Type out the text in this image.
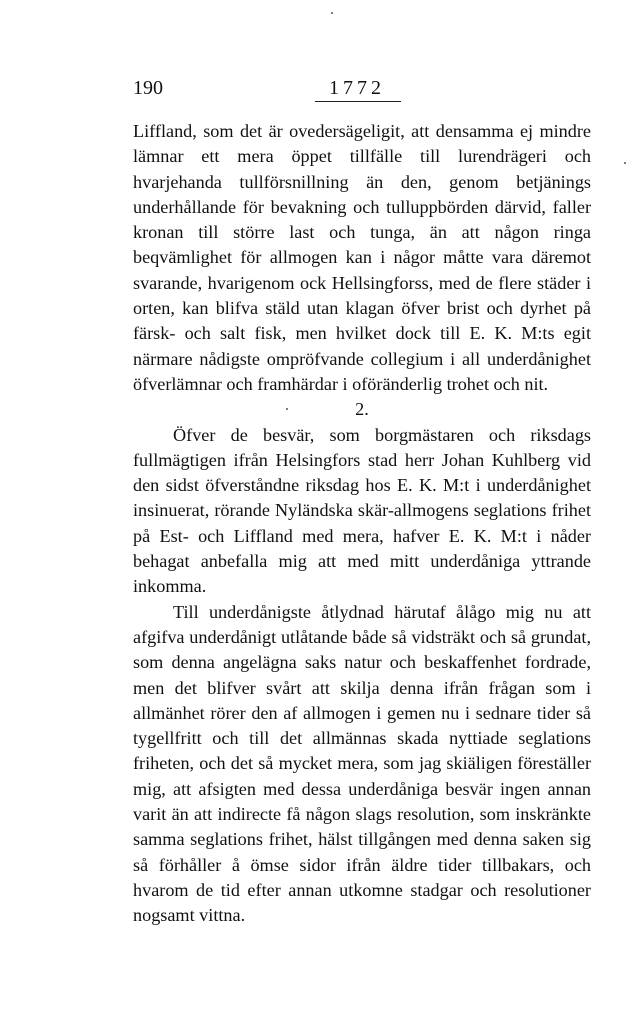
190	1772

Liffland, som det är ovedersägeligit, att densamma ej mindre lämnar ett mera öppet tillfälle till lurendrägeri och hvarjehanda tullförsnillning än den, genom betjänings underhållande för bevakning och tulluppbörden därvid, faller kronan till större last och tunga, än att någon ringa beqvämlighet för allmogen kan i någor måtte vara däremot svarande, hvarigenom ock Hellsingforss, med de flere städer i orten, kan blifva stäld utan klagan öfver brist och dyrhet på färsk- och salt fisk, men hvilket dock till E. K. M:ts egit närmare nådigste ompröfvande collegium i all underdånighet öfverlämnar och framhärdar i oföränderlig trohet och nit.

2.

Öfver de besvär, som borgmästaren och riksdags fullmägtigen ifrån Helsingfors stad herr Johan Kuhlberg vid den sidst öfverståndne riksdag hos E. K. M:t i underdånighet insinuerat, rörande Nyländska skär-allmogens seglations frihet på Est- och Liffland med mera, hafver E. K. M:t i nåder behagat anbefalla mig att med mitt underdåniga yttrande inkomma.

Till underdånigste åtlydnad härutaf ålågo mig nu att afgifva underdånigt utlåtande både så vidsträkt och så grundat, som denna angelägna saks natur och beskaffenhet fordrade, men det blifver svårt att skilja denna ifrån frågan som i allmänhet rörer den af allmogen i gemen nu i sednare tider så tygellfritt och till det allmännas skada nyttiade seglations friheten, och det så mycket mera, som jag skiäligen föreställer mig, att afsigten med dessa underdåniga besvär ingen annan varit än att indirecte få någon slags resolution, som inskränkte samma seglations frihet, hälst tillgången med denna saken sig så förhåller å ömse sidor ifrån äldre tider tillbakars, och hvarom de tid efter annan utkomne stadgar och resolutioner nogsamt vittna.
